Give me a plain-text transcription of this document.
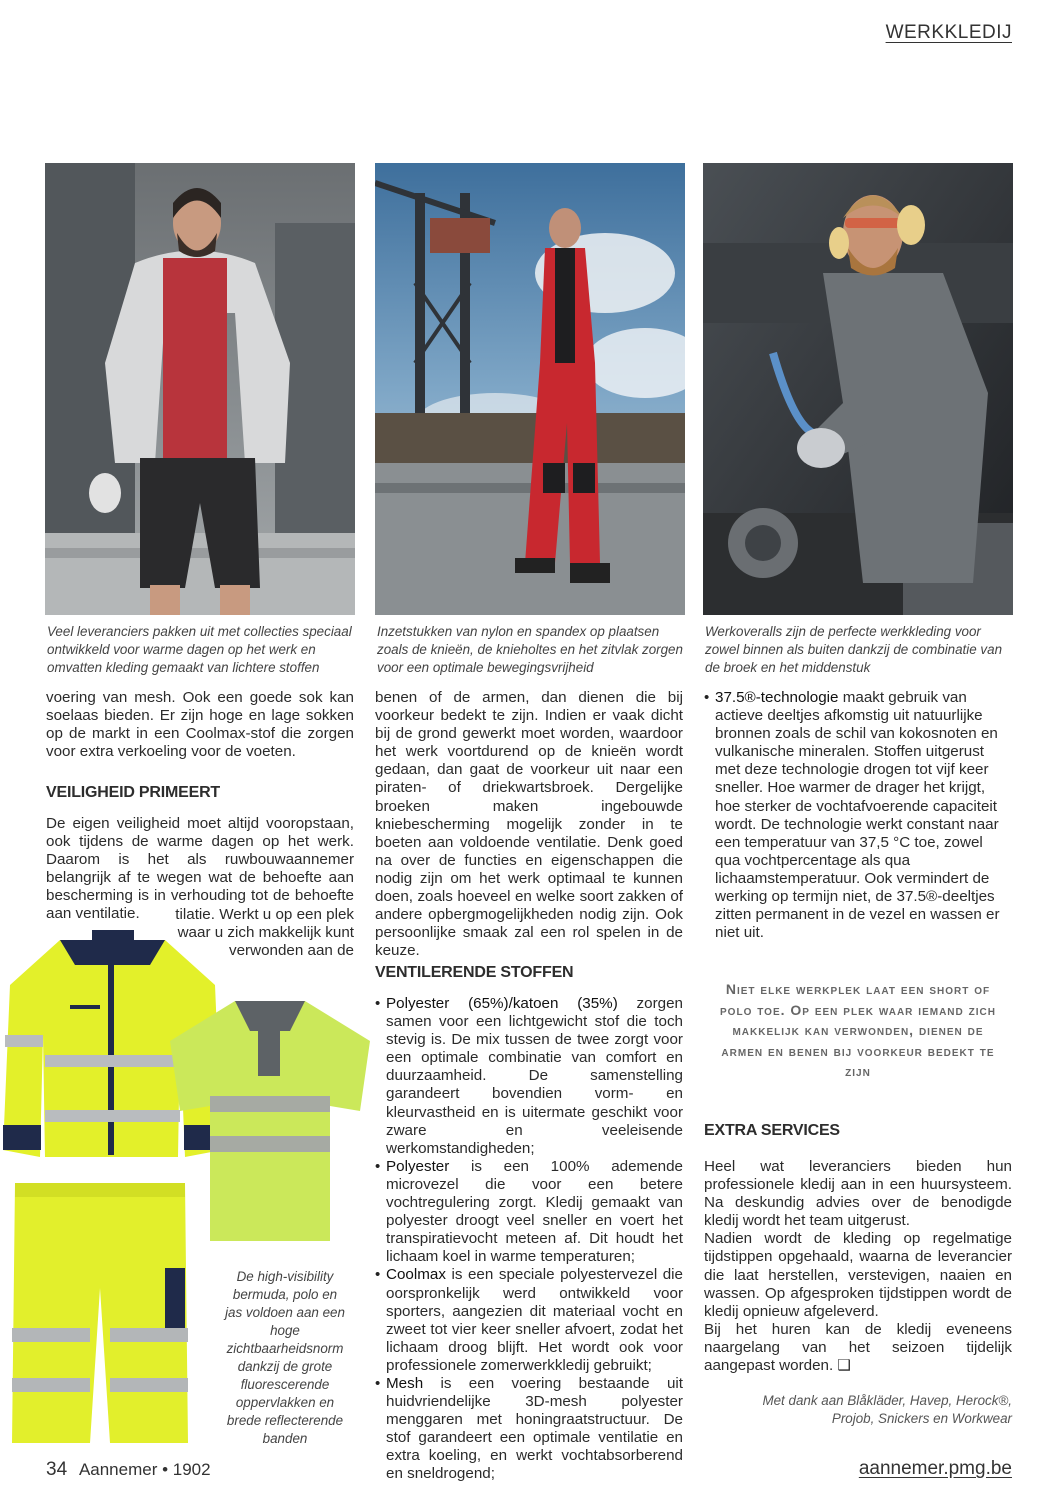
WERKKLEDIJ
Veel leveranciers pakken uit met collecties speciaal ontwikkeld voor warme dagen op het werk en omvatten kleding gemaakt van lichtere stoffen
Inzetstukken van nylon en spandex op plaatsen zoals de knieën, de knieholtes en het zitvlak zorgen voor een optimale bewegingsvrijheid
Werkoveralls zijn de perfecte werkkleding voor zowel binnen als buiten dankzij de combinatie van de broek en het middenstuk

voering van mesh. Ook een goede sok kan soelaas bieden. Er zijn hoge en lage sokken op de markt in een Coolmax-stof die zorgen voor extra verkoeling voor de voeten.

VEILIGHEID PRIMEERT

De eigen veiligheid moet altijd vooropstaan, ook tijdens de warme dagen op het werk. Daarom is het als ruwbouwaannemer belangrijk af te wegen wat de behoefte aan bescherming is in verhouding tot de behoefte aan ventilatie.	tilatie. Werkt u op een plek

waar u zich makkelijk kunt

verwonden aan de

De high-visibility bermuda, polo en jas voldoen aan een hoge zichtbaarheidsnorm dankzij de grote fluorescerende oppervlakken en brede reflecterende banden

benen of de armen, dan dienen die bij voorkeur bedekt te zijn. Indien er vaak dicht bij de grond gewerkt moet worden, waardoor het werk voortdurend op de knieën wordt gedaan, dan gaat de voorkeur uit naar een piraten- of driekwartsbroek. Dergelijke broeken maken ingebouwde kniebescherming mogelijk zonder in te boeten aan voldoende ventilatie. Denk goed na over de functies en eigenschappen die nodig zijn om het werk optimaal te kunnen doen, zoals hoeveel en welke soort zakken of andere opbergmogelijkheden nodig zijn. Ook persoonlijke smaak zal een rol spelen in de keuze.

VENTILERENDE STOFFEN
• Polyester (65%)/katoen (35%) zorgen samen voor een lichtgewicht stof die toch stevig is. De mix tussen de twee zorgt voor een optimale combinatie van comfort en duurzaamheid. De samenstelling garandeert bovendien vorm- en kleurvastheid en is uitermate geschikt voor zware en veeleisende werkomstandigheden;
• Polyester is een 100% ademende microvezel die voor een betere vochtregulering zorgt. Kledij gemaakt van polyester droogt veel sneller en voert het transpiratievocht meteen af. Dit houdt het lichaam koel in warme temperaturen;
• Coolmax is een speciale polyestervezel die oorspronkelijk werd ontwikkeld voor sporters, aangezien dit materiaal vocht en zweet tot vier keer sneller afvoert, zodat het lichaam droog blijft. Het wordt ook voor professionele zomerwerkkledij gebruikt;
• Mesh is een voering bestaande uit huidvriendelijke 3D-mesh polyester menggaren met honingraatstructuur. De stof garandeert een optimale ventilatie en extra koeling, en werkt vochtabsorberend en sneldrogend;
• 37.5®-technologie maakt gebruik van actieve deeltjes afkomstig uit natuurlijke bronnen zoals de schil van kokosnoten en vulkanische mineralen. Stoffen uitgerust met deze technologie drogen tot vijf keer sneller. Hoe warmer de drager het krijgt, hoe sterker de vochtafvoerende capaciteit wordt. De technologie werkt constant naar een temperatuur van 37,5 °C toe, zowel qua vochtpercentage als qua lichaamstemperatuur. Ook vermindert de werking op termijn niet, de 37.5®-deeltjes zitten permanent in de vezel en wassen er niet uit.
Niet elke werkplek laat een short of polo toe. Op een plek waar iemand zich makkelijk kan verwonden, dienen de armen en benen bij voorkeur bedekt te zijn
EXTRA SERVICES

Heel wat leveranciers bieden hun professionele kledij aan in een huursysteem. Na deskundig advies over de benodigde kledij wordt het team uitgerust.

Nadien wordt de kleding op regelmatige tijdstippen opgehaald, waarna de leverancier die laat herstellen, verstevigen, naaien en wassen. Op afgesproken tijdstippen wordt de kledij opnieuw afgeleverd.

Bij het huren kan de kledij eveneens naargelang van het seizoen tijdelijk aangepast worden. ❑

Met dank aan Blåkläder, Havep, Herock®, Projob, Snickers en Workwear
34 Aannemer • 1902	aannemer.pmg.be
